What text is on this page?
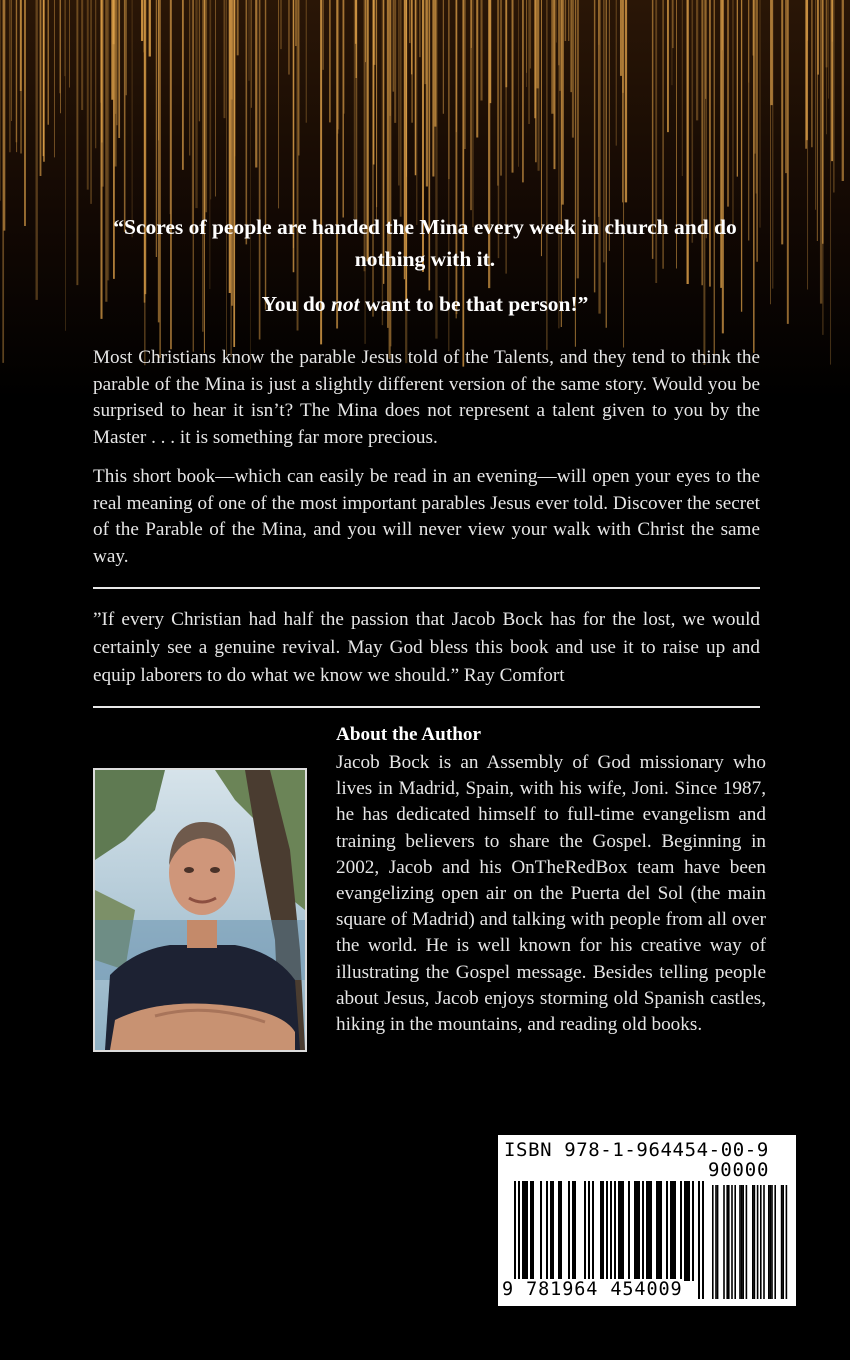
“Scores of people are handed the Mina every week in church and do nothing with it.
You do not want to be that person!”
Most Christians know the parable Jesus told of the Talents, and they tend to think the parable of the Mina is just a slightly different version of the same story. Would you be surprised to hear it isn’t? The Mina does not represent a talent given to you by the Master . . . it is something far more precious.
This short book—which can easily be read in an evening—will open your eyes to the real meaning of one of the most important parables Jesus ever told. Discover the secret of the Parable of the Mina, and you will never view your walk with Christ the same way.
”If every Christian had half the passion that Jacob Bock has for the lost, we would certainly see a genuine revival. May God bless this book and use it to raise up and equip laborers to do what we know we should.” Ray Comfort
About the Author
Jacob Bock is an Assembly of God missionary who lives in Madrid, Spain, with his wife, Joni. Since 1987, he has dedicated himself to full-time evangelism and training believers to share the Gospel. Beginning in 2002, Jacob and his OnTheRedBox team have been evangelizing open air on the Puerta del Sol (the main square of Madrid) and talking with people from all over the world. He is well known for his creative way of illustrating the Gospel message. Besides telling people about Jesus, Jacob enjoys storming old Spanish castles, hiking in the mountains, and reading old books.
ISBN 978-1-964454-00-9
90000
9 781964 454009
